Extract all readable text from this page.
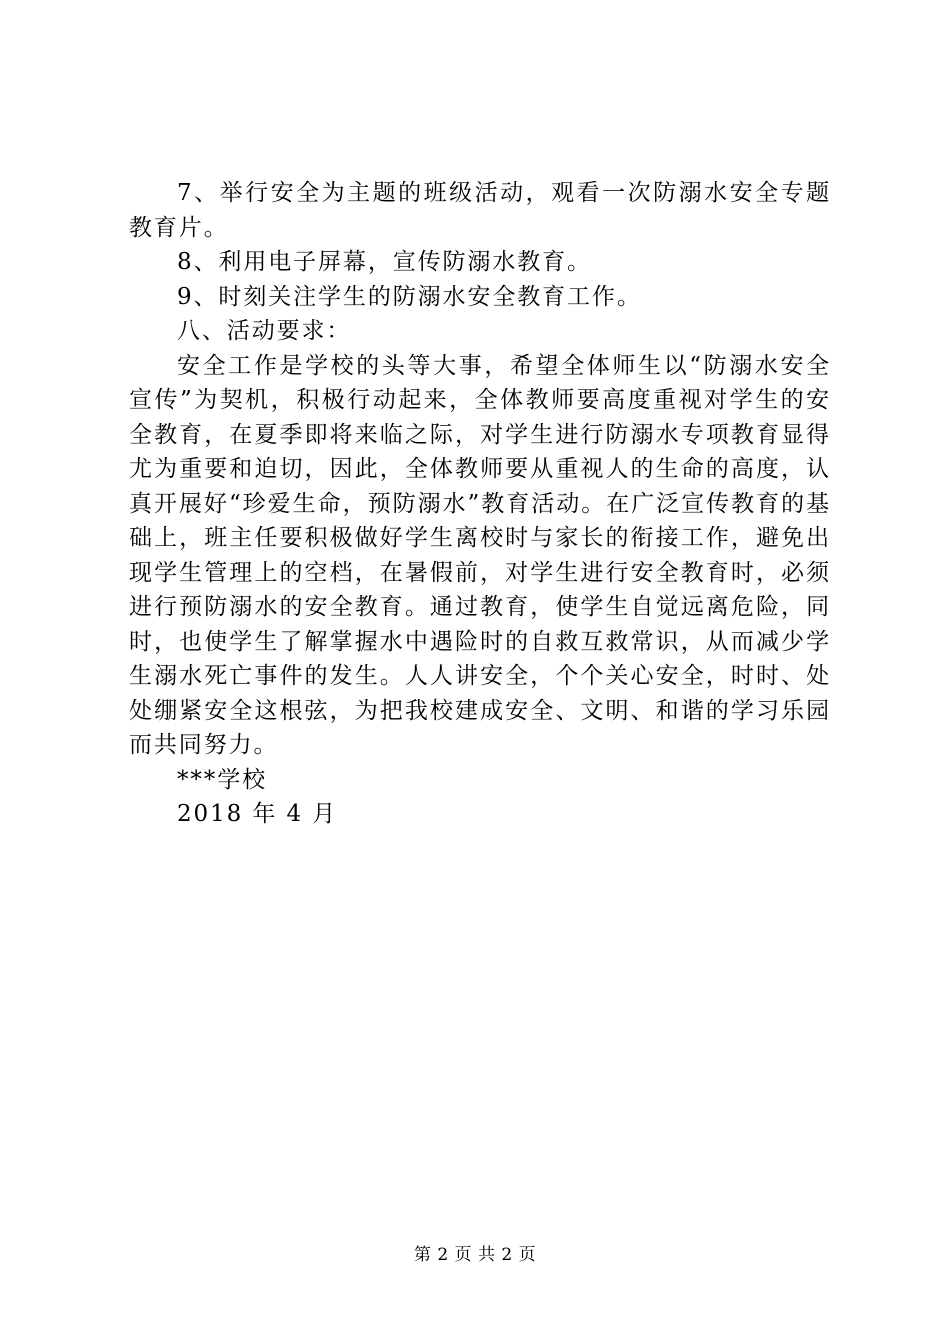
7、举行安全为主题的班级活动，观看一次防溺水安全专题教育片。

8、利用电子屏幕，宣传防溺水教育。

9、时刻关注学生的防溺水安全教育工作。

八、活动要求：

安全工作是学校的头等大事，希望全体师生以“防溺水安全宣传”为契机，积极行动起来，全体教师要高度重视对学生的安全教育，在夏季即将来临之际，对学生进行防溺水专项教育显得尤为重要和迫切，因此，全体教师要从重视人的生命的高度，认真开展好“珍爱生命，预防溺水”教育活动。在广泛宣传教育的基础上，班主任要积极做好学生离校时与家长的衔接工作，避免出现学生管理上的空档，在暑假前，对学生进行安全教育时，必须进行预防溺水的安全教育。通过教育，使学生自觉远离危险，同时，也使学生了解掌握水中遇险时的自救互救常识，从而减少学生溺水死亡事件的发生。人人讲安全，个个关心安全，时时、处处绷紧安全这根弦，为把我校建成安全、文明、和谐的学习乐园而共同努力。

***学校

2018 年 4 月

第 2 页 共 2 页
